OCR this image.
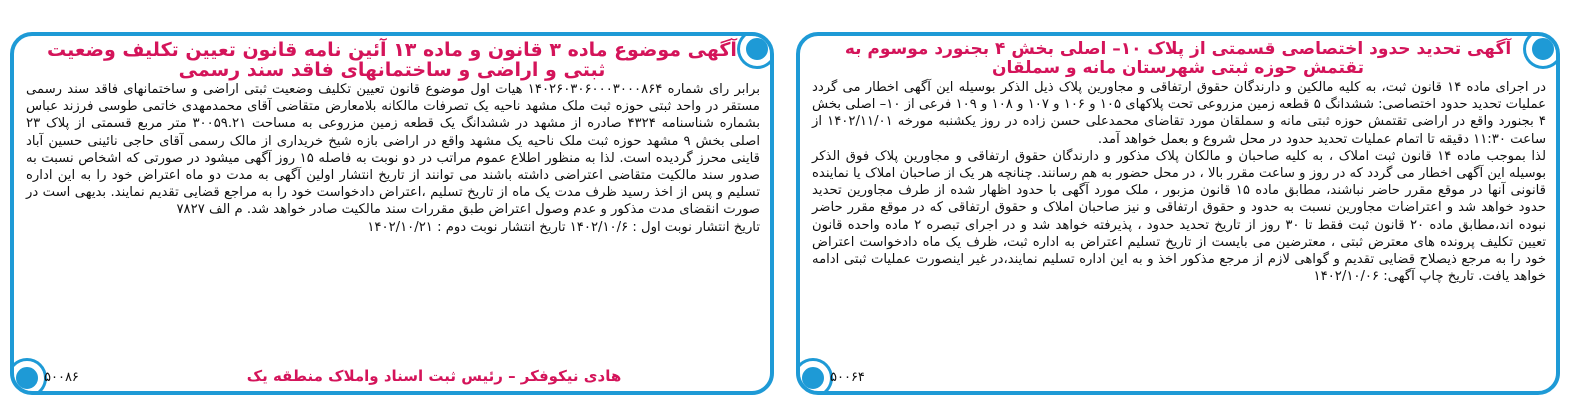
آگهی موضوع ماده ۳ قانون و ماده ۱۳ آئین نامه قانون تعیین تکلیف وضعیت ثبتی و اراضی و ساختمانهای فاقد سند رسمی

برابر رای شماره ۱۴۰۲۶۰۳۰۶۰۰۰۳۰۰۰۸۶۴ هیات اول موضوع قانون تعیین تکلیف وضعیت ثبتی اراضی و ساختمانهای فاقد سند رسمی مستقر در واحد ثبتی حوزه ثبت ملک مشهد ناحیه یک تصرفات مالکانه بلامعارض متقاضی آقای محمدمهدی خاتمی طوسی فرزند عباس بشماره شناسنامه ۴۳۲۴ صادره از مشهد در ششدانگ یک قطعه زمین مزروعی به مساحت ۳۰۰۵۹.۲۱ متر مربع قسمتی از پلاک ۲۳ اصلی بخش ۹ مشهد حوزه ثبت ملک ناحیه یک مشهد واقع در اراضی بازه شیخ خریداری از مالک رسمی آقای حاجی نائینی حسین آباد قاینی محرز گردیده است. لذا به منظور اطلاع عموم مراتب در دو نوبت به فاصله ۱۵ روز آگهی میشود در صورتی که اشخاص نسبت به صدور سند مالکیت متقاضی اعتراضی داشته باشند می توانند از تاریخ انتشار اولین آگهی به مدت دو ماه اعتراض خود را به این اداره تسلیم و پس از اخذ رسید ظرف مدت یک ماه از تاریخ تسلیم ،اعتراض دادخواست خود را به مراجع قضایی تقدیم نمایند. بدیهی است در صورت انقضای مدت مذکور و عدم وصول اعتراض طبق مقررات سند مالکیت صادر خواهد شد. م الف ۷۸۲۷

تاریخ انتشار نوبت اول : ۱۴۰۲/۱۰/۶ تاریخ انتشار نوبت دوم : ۱۴۰۲/۱۰/۲۱

هادی نیکوفکر – رئیس ثبت اسناد واملاک منطقه یک
۵۰۰۸۶
آگهی تحدید حدود اختصاصی قسمتی از پلاک ۱۰– اصلی بخش ۴ بجنورد موسوم به تقتمش حوزه ثبتی شهرستان مانه و سملقان

در اجرای ماده ۱۴ قانون ثبت، به کلیه مالکین و دارندگان حقوق ارتفاقی و مجاورین پلاک ذیل الذکر بوسیله این آگهی اخطار می گردد عملیات تحدید حدود اختصاصی: ششدانگ ۵ قطعه زمین مزروعی تحت پلاکهای ۱۰۵ و ۱۰۶ و ۱۰۷ و ۱۰۸ و ۱۰۹ فرعی از ۱۰– اصلی بخش ۴ بجنورد واقع در اراضی تقتمش حوزه ثبتی مانه و سملقان مورد تقاضای محمدعلی حسن زاده در روز یکشنبه مورخه ۱۴۰۲/۱۱/۰۱ از ساعت ۱۱:۳۰ دقیقه تا اتمام عملیات تحدید حدود در محل شروع و بعمل خواهد آمد.

لذا بموجب ماده ۱۴ قانون ثبت املاک ، به کلیه صاحبان و مالکان پلاک مذکور و دارندگان حقوق ارتفاقی و مجاورین پلاک فوق الذکر بوسیله این آگهی اخطار می گردد که در روز و ساعت مقرر بالا ، در محل حضور به هم رسانند. چنانچه هر یک از صاحبان املاک یا نماینده قانونی آنها در موقع مقرر حاضر نباشند، مطابق ماده ۱۵ قانون مزبور ، ملک مورد آگهی با حدود اظهار شده از طرف مجاورین تحدید حدود خواهد شد و اعتراضات مجاورین نسبت به حدود و حقوق ارتفاقی و نیز صاحبان املاک و حقوق ارتفاقی که در موقع مقرر حاضر نبوده اند،مطابق ماده ۲۰ قانون ثبت فقط تا ۳۰ روز از تاریخ تحدید حدود ، پذیرفته خواهد شد و در اجرای تبصره ۲ ماده واحده قانون تعیین تکلیف پرونده های معترض ثبتی ، معترضین می بایست از تاریخ تسلیم اعتراض به اداره ثبت، ظرف یک ماه دادخواست اعتراض خود را به مرجع ذیصلاح قضایی تقدیم و گواهی لازم از مرجع مذکور اخذ و به این اداره تسلیم نمایند،در غیر اینصورت عملیات ثبتی ادامه خواهد یافت. تاریخ چاپ آگهی: ۱۴۰۲/۱۰/۰۶

۵۰۰۶۴
